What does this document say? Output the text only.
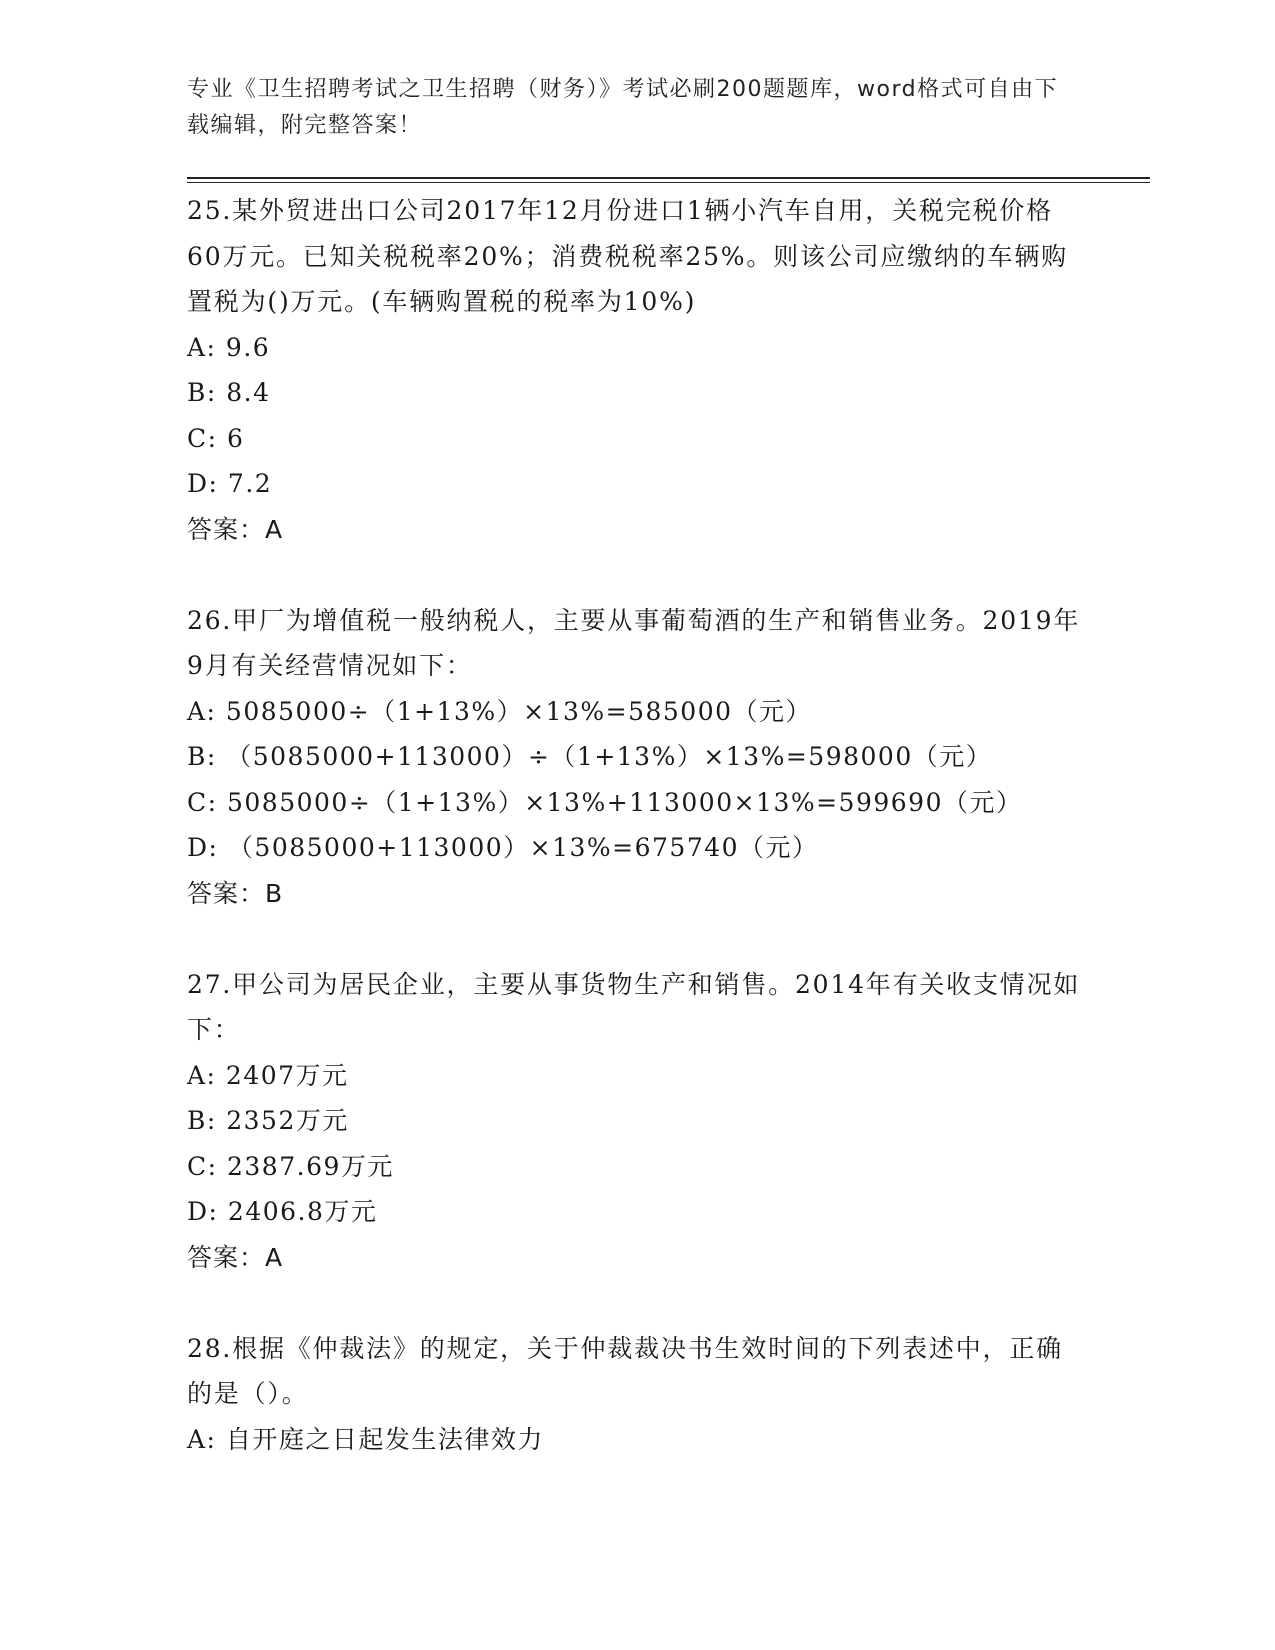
专业《卫生招聘考试之卫生招聘（财务）》考试必刷200题题库，word格式可自由下载编辑，附完整答案！

25.某外贸进出口公司2017年12月份进口1辆小汽车自用，关税完税价格60万元。已知关税税率20%；消费税税率25%。则该公司应缴纳的车辆购置税为()万元。(车辆购置税的税率为10%)

A: 9.6

B: 8.4

C: 6

D: 7.2

答案：A

26.甲厂为增值税一般纳税人，主要从事葡萄酒的生产和销售业务。2019年9月有关经营情况如下：

A: 5085000÷（1+13%）×13%=585000（元）

B: （5085000+113000）÷（1+13%）×13%=598000（元）

C: 5085000÷（1+13%）×13%+113000×13%=599690（元）

D: （5085000+113000）×13%=675740（元）

答案：B

27.甲公司为居民企业，主要从事货物生产和销售。2014年有关收支情况如下：

A: 2407万元

B: 2352万元

C: 2387.69万元

D: 2406.8万元

答案：A

28.根据《仲裁法》的规定，关于仲裁裁决书生效时间的下列表述中，正确的是（）。

A: 自开庭之日起发生法律效力
